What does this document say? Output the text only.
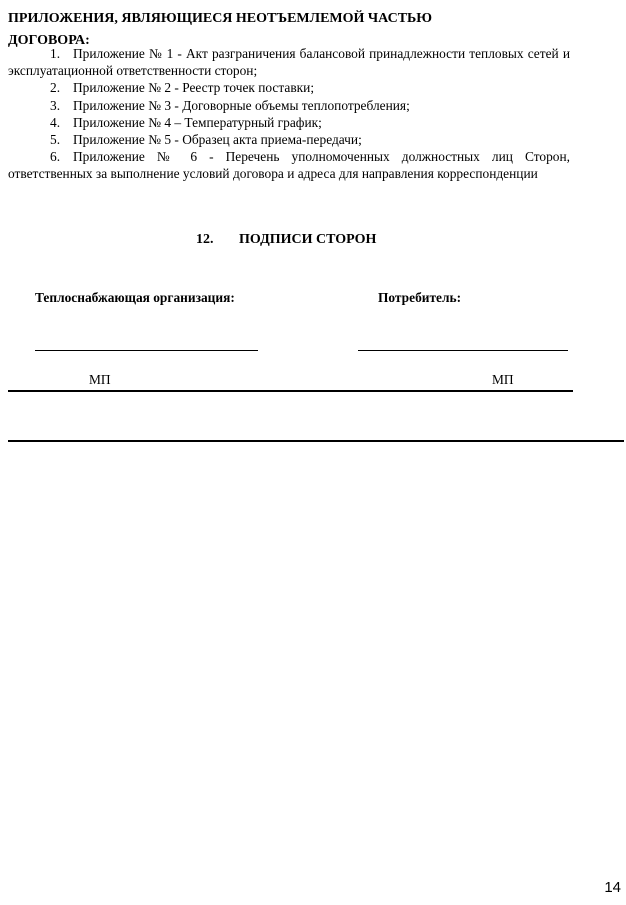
ПРИЛОЖЕНИЯ, ЯВЛЯЮЩИЕСЯ НЕОТЪЕМЛЕМОЙ ЧАСТЬЮ
ДОГОВОРА:
1. Приложение № 1 - Акт разграничения балансовой принадлежности тепловых сетей и эксплуатационной ответственности сторон;
2. Приложение № 2 - Реестр точек поставки;
3. Приложение № 3 - Договорные объемы теплопотребления;
4. Приложение № 4 – Температурный график;
5. Приложение № 5 - Образец акта приема-передачи;
6. Приложение № 6 - Перечень уполномоченных должностных лиц Сторон, ответственных за выполнение условий договора и адреса для направления корреспонденции
12. ПОДПИСИ СТОРОН
Теплоснабжающая организация:	Потребитель:
МП	МП
14
